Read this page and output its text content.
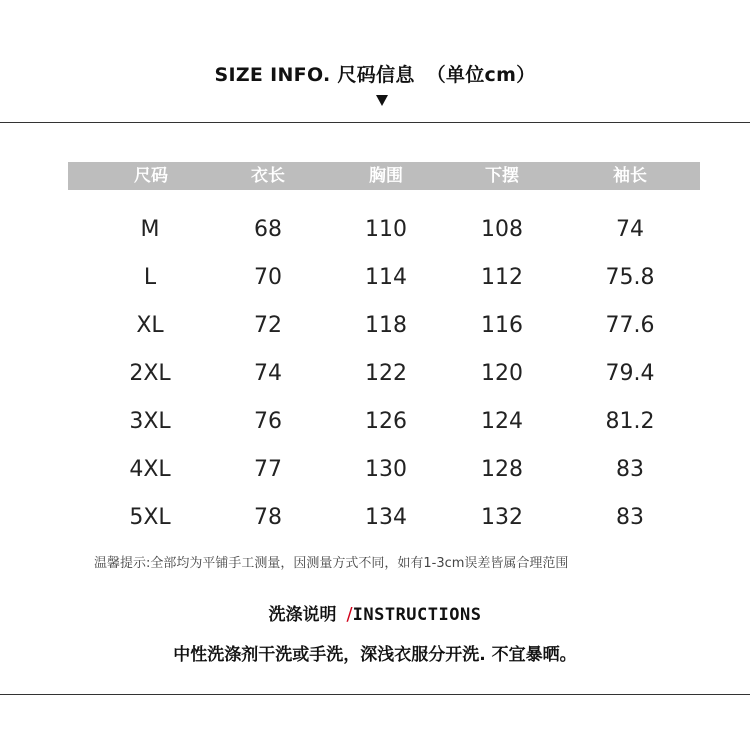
SIZE INFO. 尺码信息 （单位cm）
尺码	衣长	胸围	下摆	袖长
M	68	110	108	74
L	70	114	112	75.8
XL	72	118	116	77.6
2XL	74	122	120	79.4
3XL	76	126	124	81.2
4XL	77	130	128	83
5XL	78	134	132	83
温馨提示:全部均为平铺手工测量，因测量方式不同，如有1-3cm误差皆属合理范围
洗涤说明 /INSTRUCTIONS
中性洗涤剂干洗或手洗，深浅衣服分开洗. 不宜暴晒。
